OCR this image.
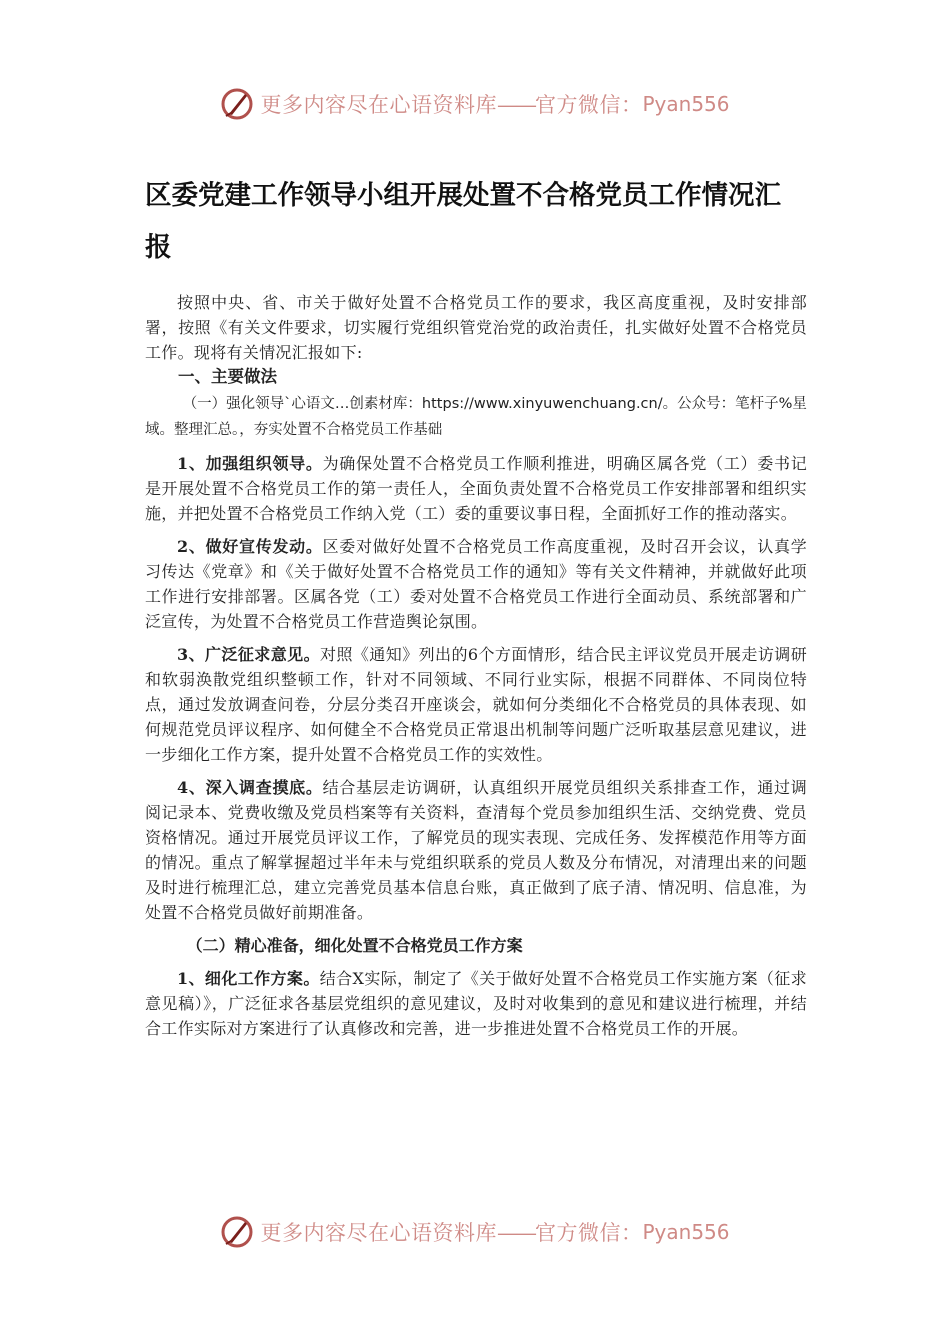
更多内容尽在心语资料库——官方微信： Pyan556
区委党建工作领导小组开展处置不合格党员工作情况汇报

按照中央、省、市关于做好处置不合格党员工作的要求，我区高度重视，及时安排部署，按照《有关文件要求，切实履行党组织管党治党的政治责任，扎实做好处置不合格党员工作。现将有关情况汇报如下:

一、主要做法

（一）强化领导`心语文…创素材库：https://www.xinyuwenchuang.cn/。公众号：笔杆子%星域。整理汇总。，夯实处置不合格党员工作基础

1、加强组织领导。为确保处置不合格党员工作顺利推进，明确区属各党（工）委书记是开展处置不合格党员工作的第一责任人，全面负责处置不合格党员工作安排部署和组织实施，并把处置不合格党员工作纳入党（工）委的重要议事日程，全面抓好工作的推动落实。

2、做好宣传发动。区委对做好处置不合格党员工作高度重视，及时召开会议，认真学习传达《党章》和《关于做好处置不合格党员工作的通知》等有关文件精神，并就做好此项工作进行安排部署。区属各党（工）委对处置不合格党员工作进行全面动员、系统部署和广泛宣传，为处置不合格党员工作营造舆论氛围。

3、广泛征求意见。对照《通知》列出的6个方面情形，结合民主评议党员开展走访调研和软弱涣散党组织整顿工作，针对不同领域、不同行业实际，根据不同群体、不同岗位特点，通过发放调查问卷，分层分类召开座谈会，就如何分类细化不合格党员的具体表现、如何规范党员评议程序、如何健全不合格党员正常退出机制等问题广泛听取基层意见建议，进一步细化工作方案，提升处置不合格党员工作的实效性。

4、深入调查摸底。结合基层走访调研，认真组织开展党员组织关系排查工作，通过调阅记录本、党费收缴及党员档案等有关资料，查清每个党员参加组织生活、交纳党费、党员资格情况。通过开展党员评议工作，了解党员的现实表现、完成任务、发挥模范作用等方面的情况。重点了解掌握超过半年未与党组织联系的党员人数及分布情况，对清理出来的问题及时进行梳理汇总，建立完善党员基本信息台账，真正做到了底子清、情况明、信息准，为处置不合格党员做好前期准备。

（二）精心准备，细化处置不合格党员工作方案

1、细化工作方案。结合X实际，制定了《关于做好处置不合格党员工作实施方案（征求意见稿）》，广泛征求各基层党组织的意见建议，及时对收集到的意见和建议进行梳理，并结合工作实际对方案进行了认真修改和完善，进一步推进处置不合格党员工作的开展。

更多内容尽在心语资料库——官方微信： Pyan556
